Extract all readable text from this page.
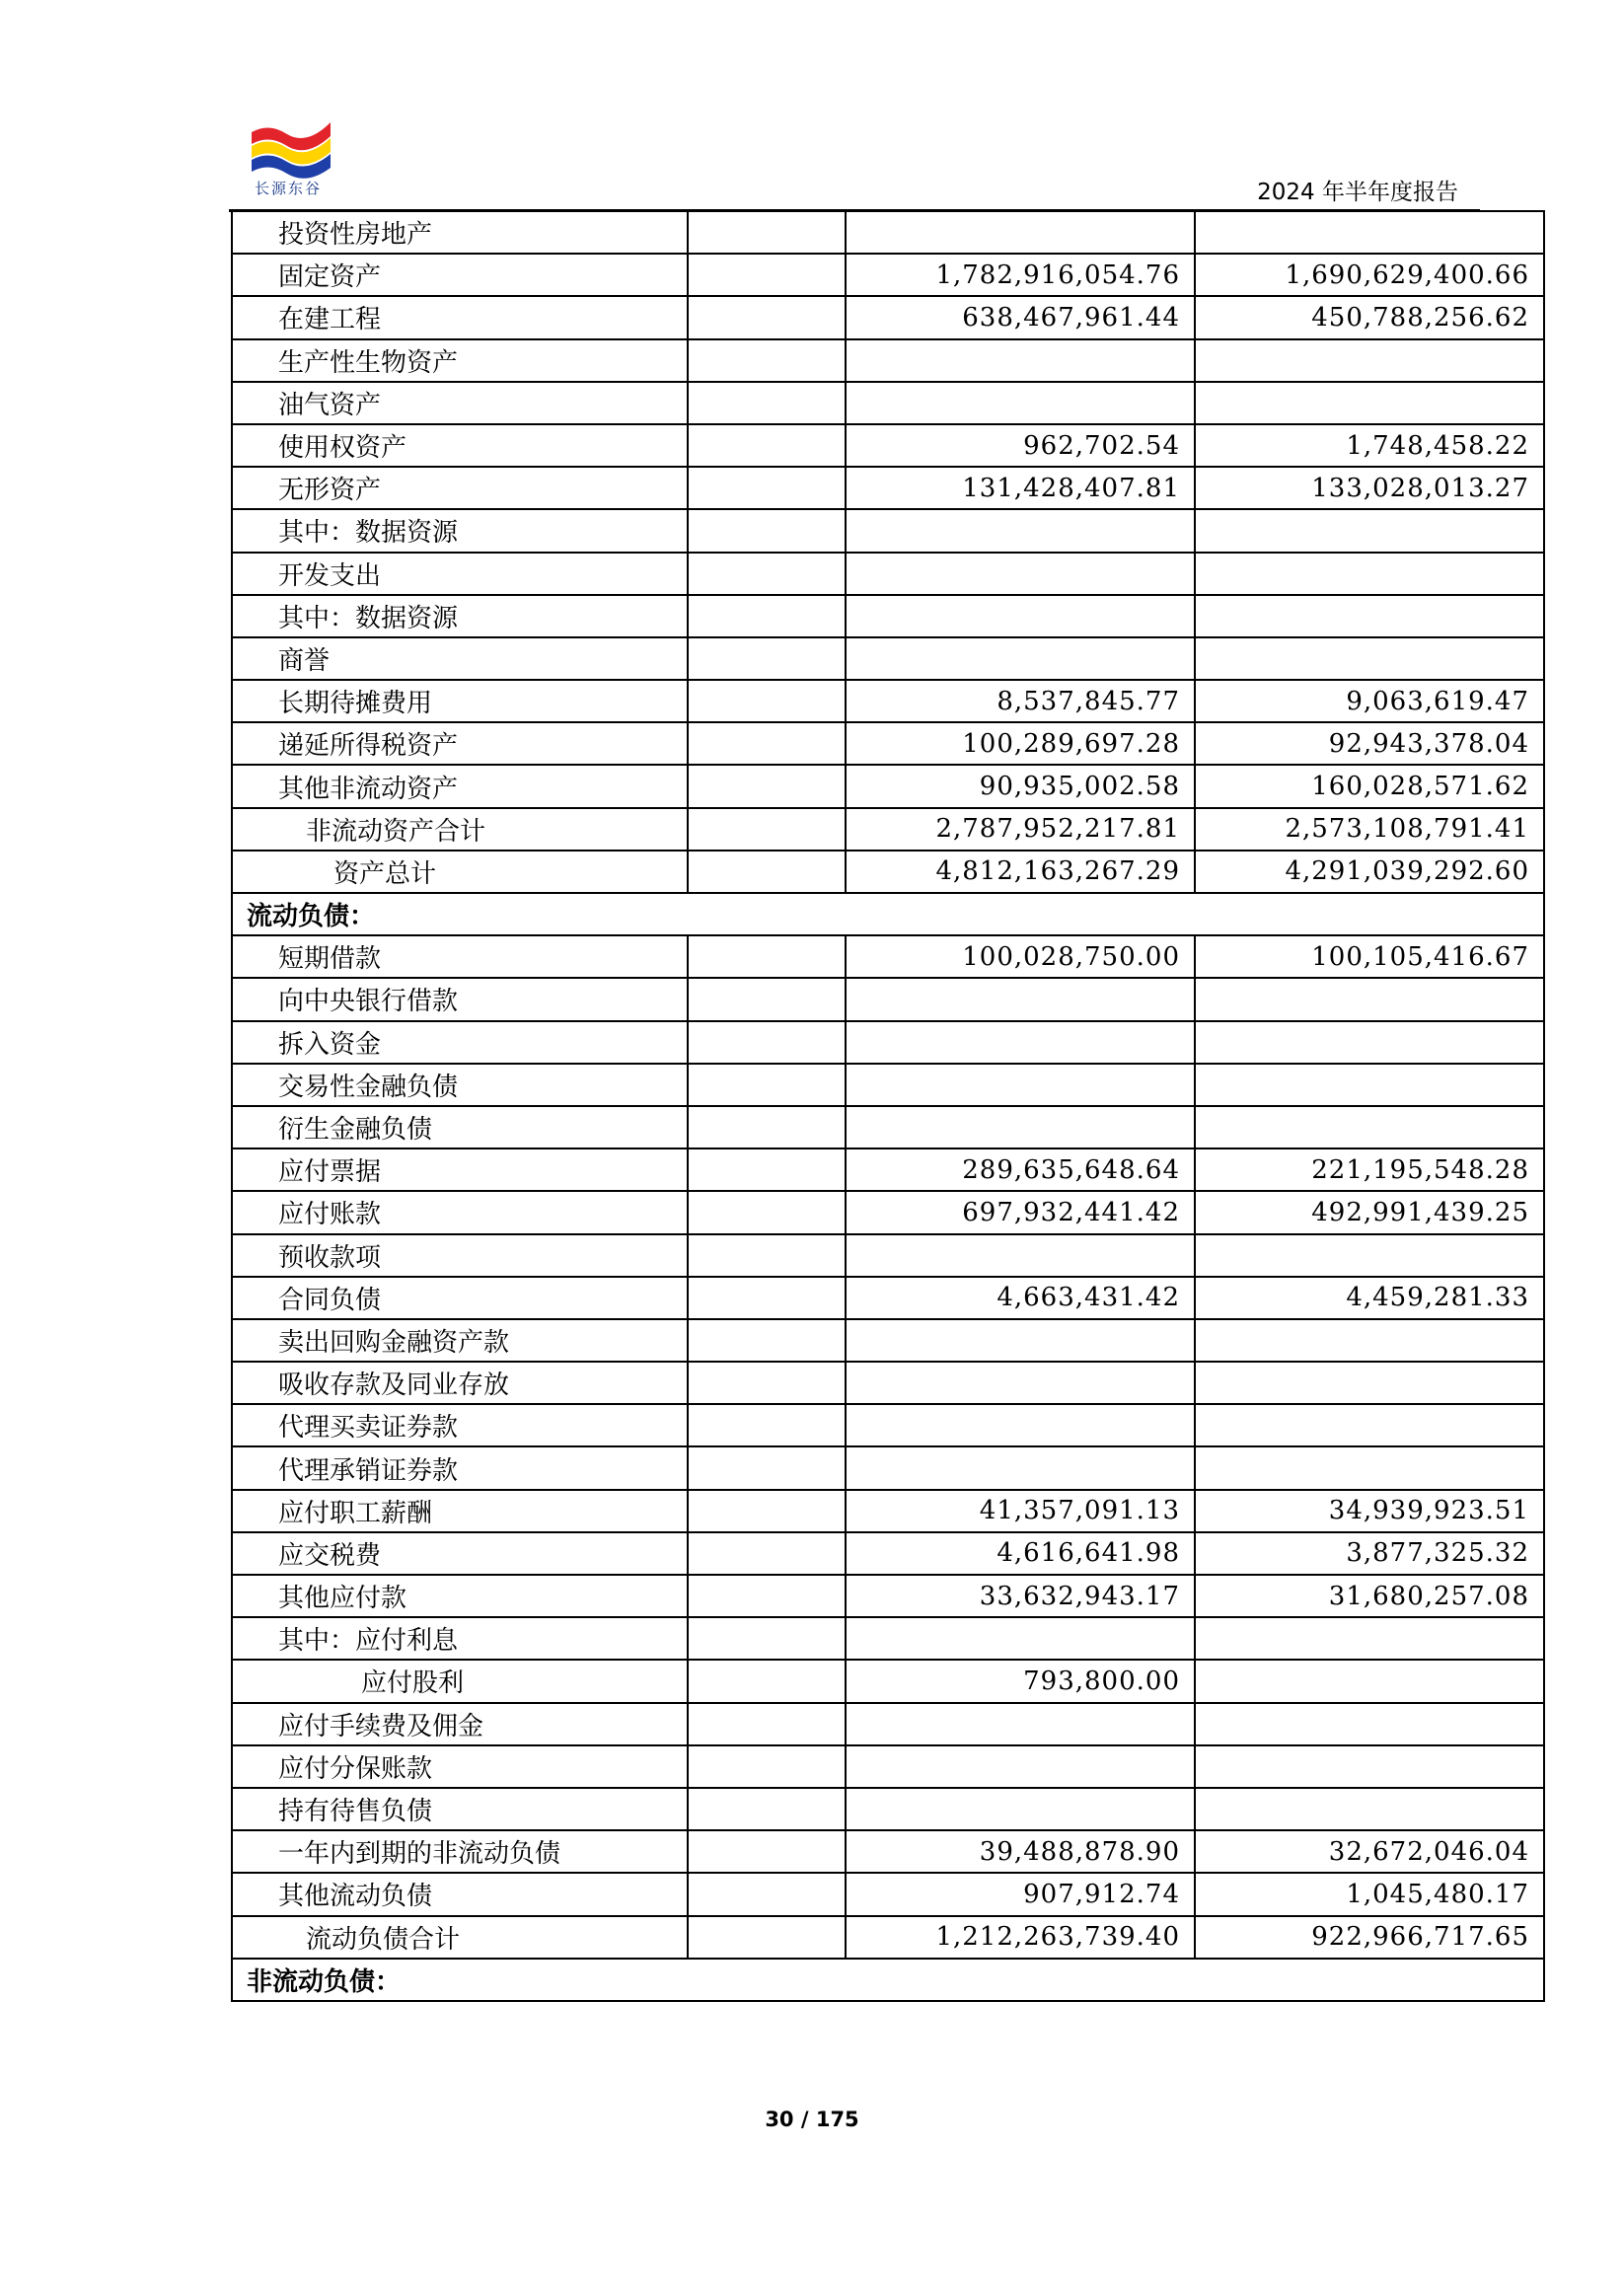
长源东谷	2024 年半年度报告
投资性房地产			
固定资产		1,782,916,054.76	1,690,629,400.66
在建工程		638,467,961.44	450,788,256.62
生产性生物资产			
油气资产			
使用权资产		962,702.54	1,748,458.22
无形资产		131,428,407.81	133,028,013.27
其中：数据资源			
开发支出			
其中：数据资源			
商誉			
长期待摊费用		8,537,845.77	9,063,619.47
递延所得税资产		100,289,697.28	92,943,378.04
其他非流动资产		90,935,002.58	160,028,571.62
非流动资产合计		2,787,952,217.81	2,573,108,791.41
资产总计		4,812,163,267.29	4,291,039,292.60
流动负债：			
短期借款		100,028,750.00	100,105,416.67
向中央银行借款			
拆入资金			
交易性金融负债			
衍生金融负债			
应付票据		289,635,648.64	221,195,548.28
应付账款		697,932,441.42	492,991,439.25
预收款项			
合同负债		4,663,431.42	4,459,281.33
卖出回购金融资产款			
吸收存款及同业存放			
代理买卖证券款			
代理承销证券款			
应付职工薪酬		41,357,091.13	34,939,923.51
应交税费		4,616,641.98	3,877,325.32
其他应付款		33,632,943.17	31,680,257.08
其中：应付利息			
应付股利		793,800.00	
应付手续费及佣金			
应付分保账款			
持有待售负债			
一年内到期的非流动负债		39,488,878.90	32,672,046.04
其他流动负债		907,912.74	1,045,480.17
流动负债合计		1,212,263,739.40	922,966,717.65
非流动负债：			
30 / 175
